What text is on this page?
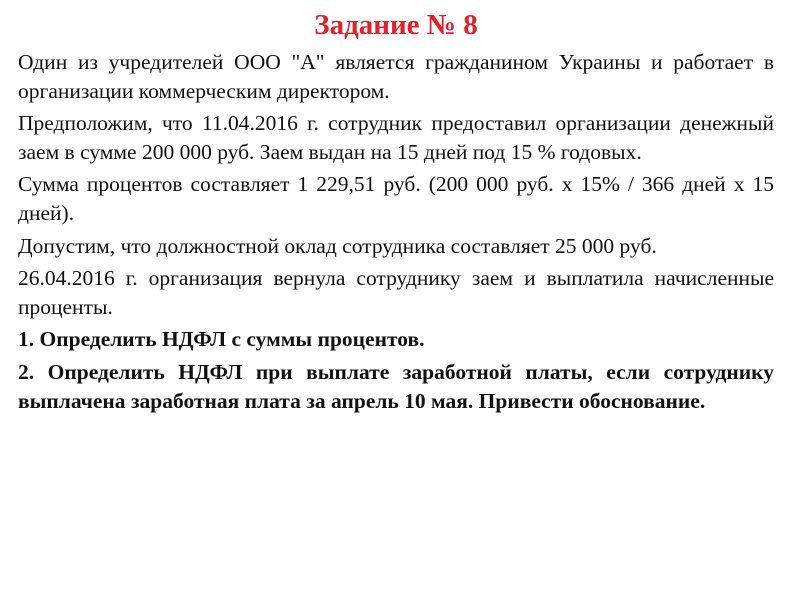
Задание № 8

Один из учредителей ООО "А" является гражданином Украины и работает в организации коммерческим директором.

Предположим, что 11.04.2016 г. сотрудник предоставил организации денежный заем в сумме 200 000 руб. Заем выдан на 15 дней под 15 % годовых.

Сумма процентов составляет 1 229,51 руб. (200 000 руб. х 15% / 366 дней х 15 дней).

Допустим, что должностной оклад сотрудника составляет 25 000 руб.

26.04.2016 г. организация вернула сотруднику заем и выплатила начисленные проценты.

1. Определить НДФЛ с суммы процентов.

2. Определить НДФЛ при выплате заработной платы, если сотруднику выплачена заработная плата за апрель 10 мая. Привести обоснование.
